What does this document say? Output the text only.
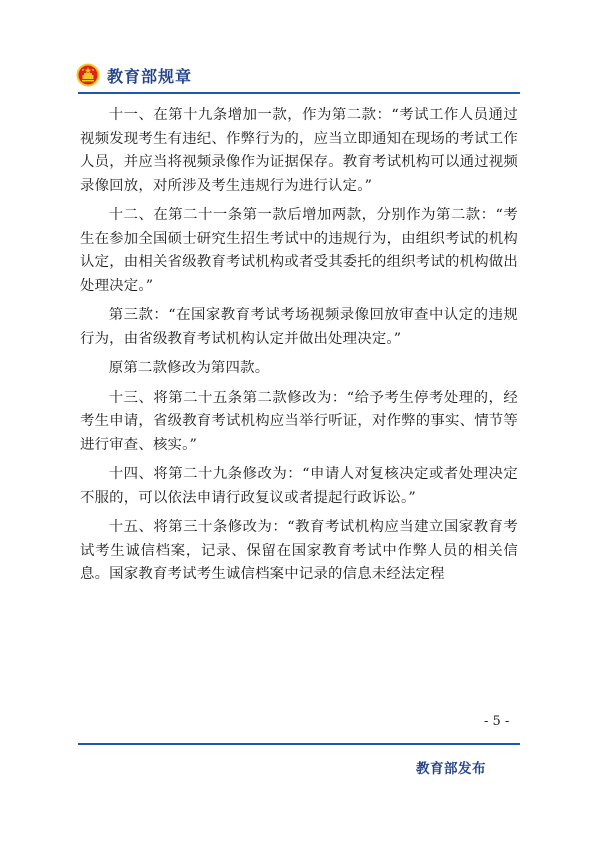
教育部规章

十一、在第十九条增加一款，作为第二款：“考试工作人员通过视频发现考生有违纪、作弊行为的，应当立即通知在现场的考试工作人员，并应当将视频录像作为证据保存。教育考试机构可以通过视频录像回放，对所涉及考生违规行为进行认定。”

十二、在第二十一条第一款后增加两款，分别作为第二款：“考生在参加全国硕士研究生招生考试中的违规行为，由组织考试的机构认定，由相关省级教育考试机构或者受其委托的组织考试的机构做出处理决定。”

第三款：“在国家教育考试考场视频录像回放审查中认定的违规行为，由省级教育考试机构认定并做出处理决定。”

原第二款修改为第四款。

十三、将第二十五条第二款修改为：“给予考生停考处理的，经考生申请，省级教育考试机构应当举行听证，对作弊的事实、情节等进行审查、核实。”

十四、将第二十九条修改为：“申请人对复核决定或者处理决定不服的，可以依法申请行政复议或者提起行政诉讼。”

十五、将第三十条修改为：“教育考试机构应当建立国家教育考试考生诚信档案，记录、保留在国家教育考试中作弊人员的相关信息。国家教育考试考生诚信档案中记录的信息未经法定程

- 5 -
教育部发布
